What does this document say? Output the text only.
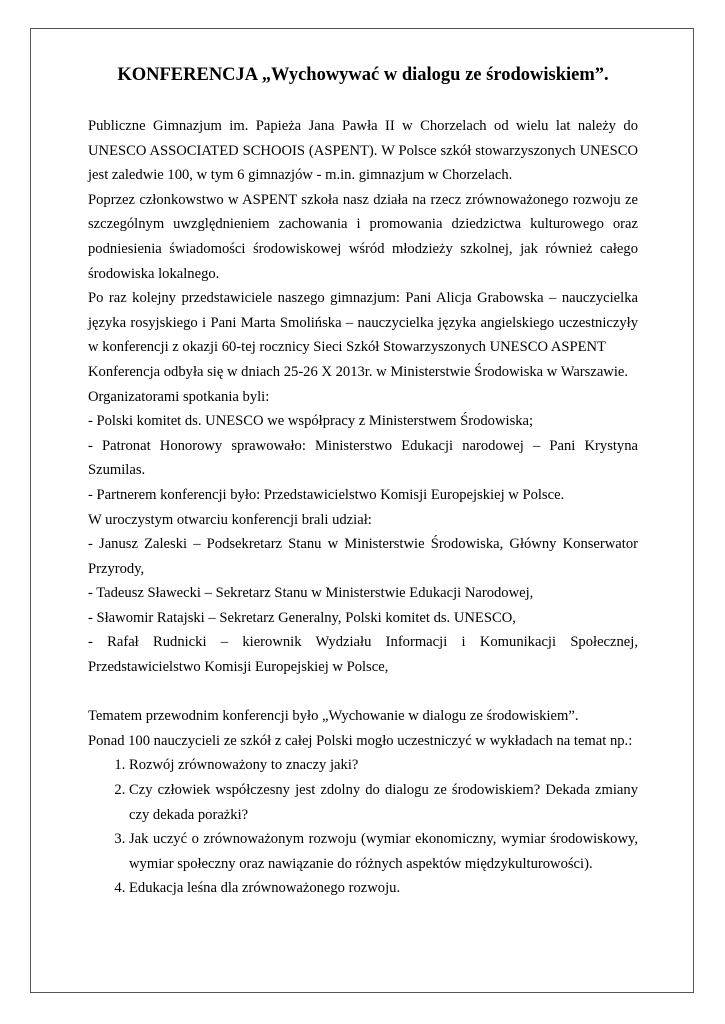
KONFERENCJA „Wychowywać w dialogu ze środowiskiem”.

Publiczne Gimnazjum im. Papieża Jana Pawła II w Chorzelach od wielu lat należy do UNESCO ASSOCIATED SCHOOIS (ASPENT). W Polsce szkół stowarzyszonych UNESCO jest zaledwie 100, w tym 6 gimnazjów - m.in. gimnazjum w Chorzelach.

Poprzez członkowstwo w ASPENT szkoła nasz działa na rzecz zrównoważonego rozwoju ze szczególnym uwzględnieniem zachowania i promowania dziedzictwa kulturowego oraz podniesienia świadomości środowiskowej wśród młodzieży szkolnej, jak również całego środowiska lokalnego.

Po raz kolejny przedstawiciele naszego gimnazjum: Pani Alicja Grabowska – nauczycielka języka rosyjskiego i Pani Marta Smolińska – nauczycielka języka angielskiego uczestniczyły w konferencji z okazji 60-tej rocznicy Sieci Szkół Stowarzyszonych UNESCO ASPENT

Konferencja odbyła się w dniach 25-26 X 2013r. w Ministerstwie Środowiska w Warszawie.

Organizatorami spotkania byli:

- Polski komitet ds. UNESCO we współpracy z Ministerstwem Środowiska;

- Patronat Honorowy sprawowało: Ministerstwo Edukacji narodowej – Pani Krystyna Szumilas.

- Partnerem konferencji było: Przedstawicielstwo Komisji Europejskiej w Polsce.

W uroczystym otwarciu konferencji brali udział:

- Janusz Zaleski – Podsekretarz Stanu w Ministerstwie Środowiska, Główny Konserwator Przyrody,

- Tadeusz Sławecki – Sekretarz Stanu w Ministerstwie Edukacji Narodowej,

- Sławomir Ratajski – Sekretarz Generalny, Polski komitet ds. UNESCO,

- Rafał Rudnicki – kierownik Wydziału Informacji i Komunikacji Społecznej, Przedstawicielstwo Komisji Europejskiej w Polsce,

Tematem przewodnim konferencji było „Wychowanie w dialogu ze środowiskiem”.

Ponad 100 nauczycieli ze szkół z całej Polski mogło uczestniczyć w wykładach na temat np.:

1. Rozwój zrównoważony to znaczy jaki?
2. Czy człowiek współczesny jest zdolny do dialogu ze środowiskiem? Dekada zmiany czy dekada porażki?
3. Jak uczyć o zrównoważonym rozwoju (wymiar ekonomiczny, wymiar środowiskowy, wymiar społeczny oraz nawiązanie do różnych aspektów międzykulturowości).
4. Edukacja leśna dla zrównoważonego rozwoju.
